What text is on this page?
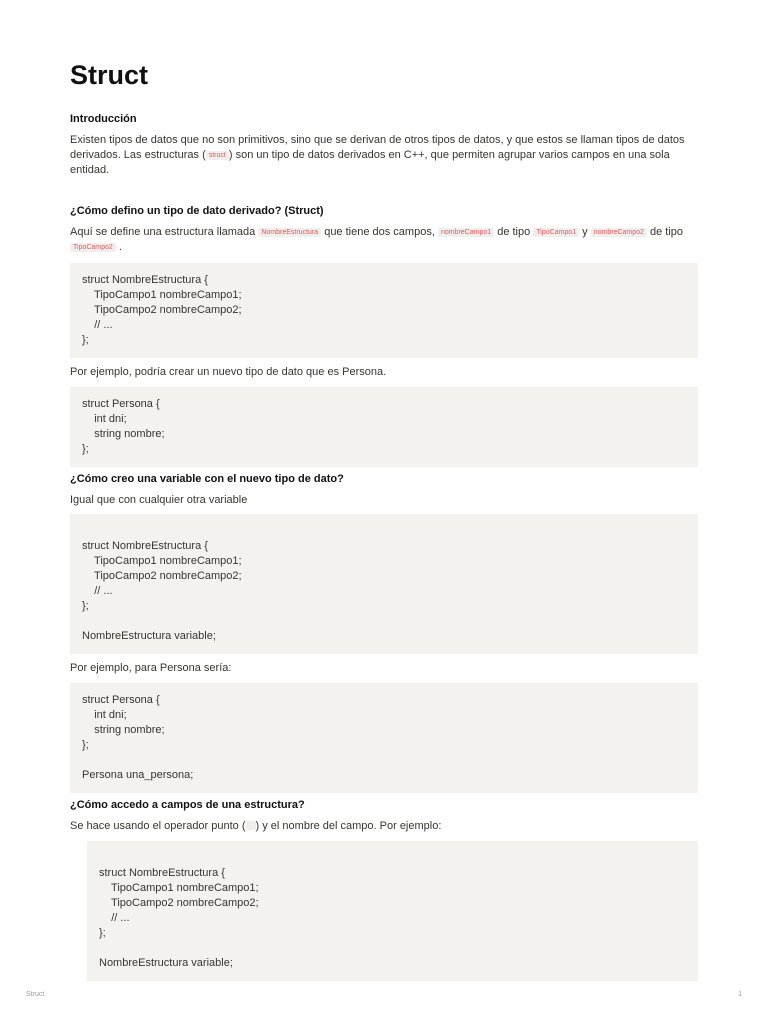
Struct
Introducción

Existen tipos de datos que no son primitivos, sino que se derivan de otros tipos de datos, y que estos se llaman tipos de datos derivados. Las estructuras ( struct ) son un tipo de datos derivados en C++, que permiten agrupar varios campos en una sola entidad.

¿Cómo defino un tipo de dato derivado? (Struct)

Aquí se define una estructura llamada NombreEstructura que tiene dos campos, nombreCampo1 de tipo TipoCampo1 y nombreCampo2 de tipo TipoCampo2 .

struct NombreEstructura {
TipoCampo1 nombreCampo1;
TipoCampo2 nombreCampo2;
// ...
};

Por ejemplo, podría crear un nuevo tipo de dato que es Persona.

struct Persona {
int dni;
string nombre;
};
¿Cómo creo una variable con el nuevo tipo de dato?

Igual que con cualquier otra variable

struct NombreEstructura {
TipoCampo1 nombreCampo1;
TipoCampo2 nombreCampo2;
// ...
};
NombreEstructura variable;

Por ejemplo, para Persona sería:

struct Persona {
int dni;
string nombre;
};
Persona una_persona;
¿Cómo accedo a campos de una estructura?

Se hace usando el operador punto ( ) y el nombre del campo. Por ejemplo:

struct NombreEstructura {
TipoCampo1 nombreCampo1;
TipoCampo2 nombreCampo2;
// ...
};
NombreEstructura variable;
Struct	1
